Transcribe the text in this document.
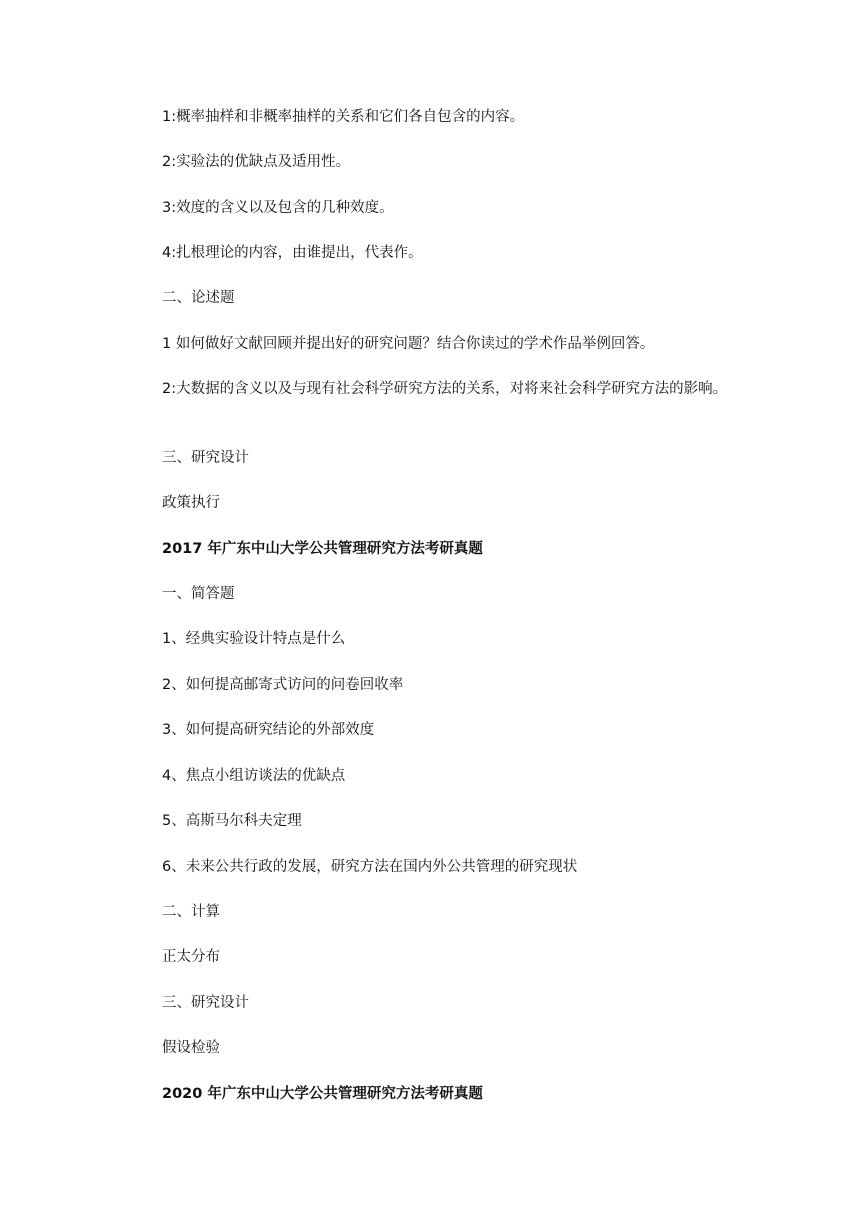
1:概率抽样和非概率抽样的关系和它们各自包含的内容。
2:实验法的优缺点及适用性。
3:效度的含义以及包含的几种效度。
4:扎根理论的内容，由谁提出，代表作。
二、论述题
1 如何做好文献回顾并提出好的研究问题？结合你读过的学术作品举例回答。
2:大数据的含义以及与现有社会科学研究方法的关系，对将来社会科学研究方法的影响。
三、研究设计
政策执行
2017 年广东中山大学公共管理研究方法考研真题
一、简答题
1、经典实验设计特点是什么
2、如何提高邮寄式访问的问卷回收率
3、如何提高研究结论的外部效度
4、焦点小组访谈法的优缺点
5、高斯马尔科夫定理
6、未来公共行政的发展，研究方法在国内外公共管理的研究现状
二、计算
正太分布
三、研究设计
假设检验
2020 年广东中山大学公共管理研究方法考研真题
